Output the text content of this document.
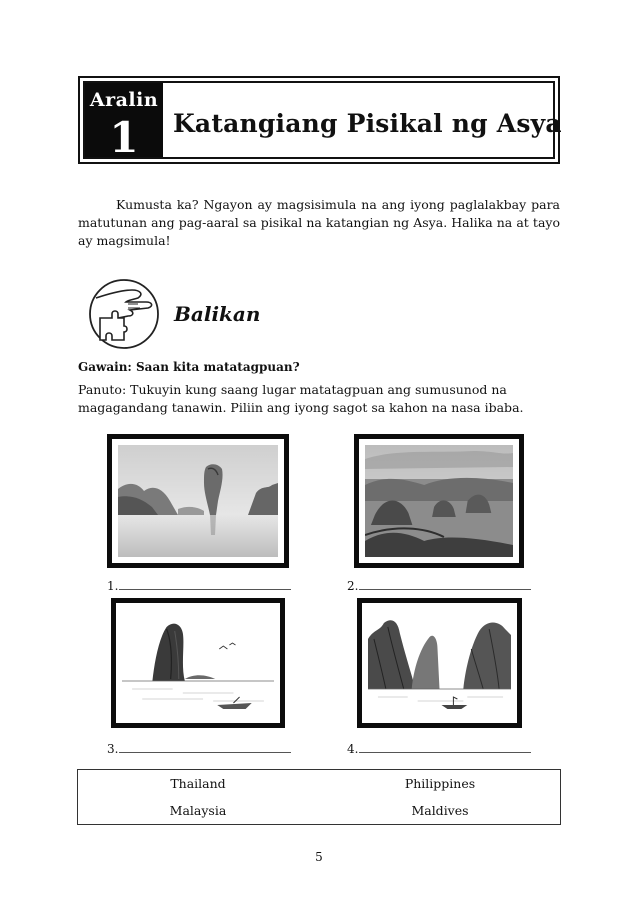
Aralin
1	Katangiang Pisikal ng Asya
Kumusta ka? Ngayon ay magsisimula na ang iyong paglalakbay para matutunan ang pag-aaral sa pisikal na katangian ng Asya. Halika na at tayo ay magsimula!
Balikan
Gawain: Saan kita matatagpuan?
Panuto: Tukuyin kung saang lugar matatagpuan ang sumusunod na magagandang tanawin. Piliin ang iyong sagot sa kahon na nasa ibaba.
1.	2.
3.	4.
Thailand	Philippines
Malaysia	Maldives
5
